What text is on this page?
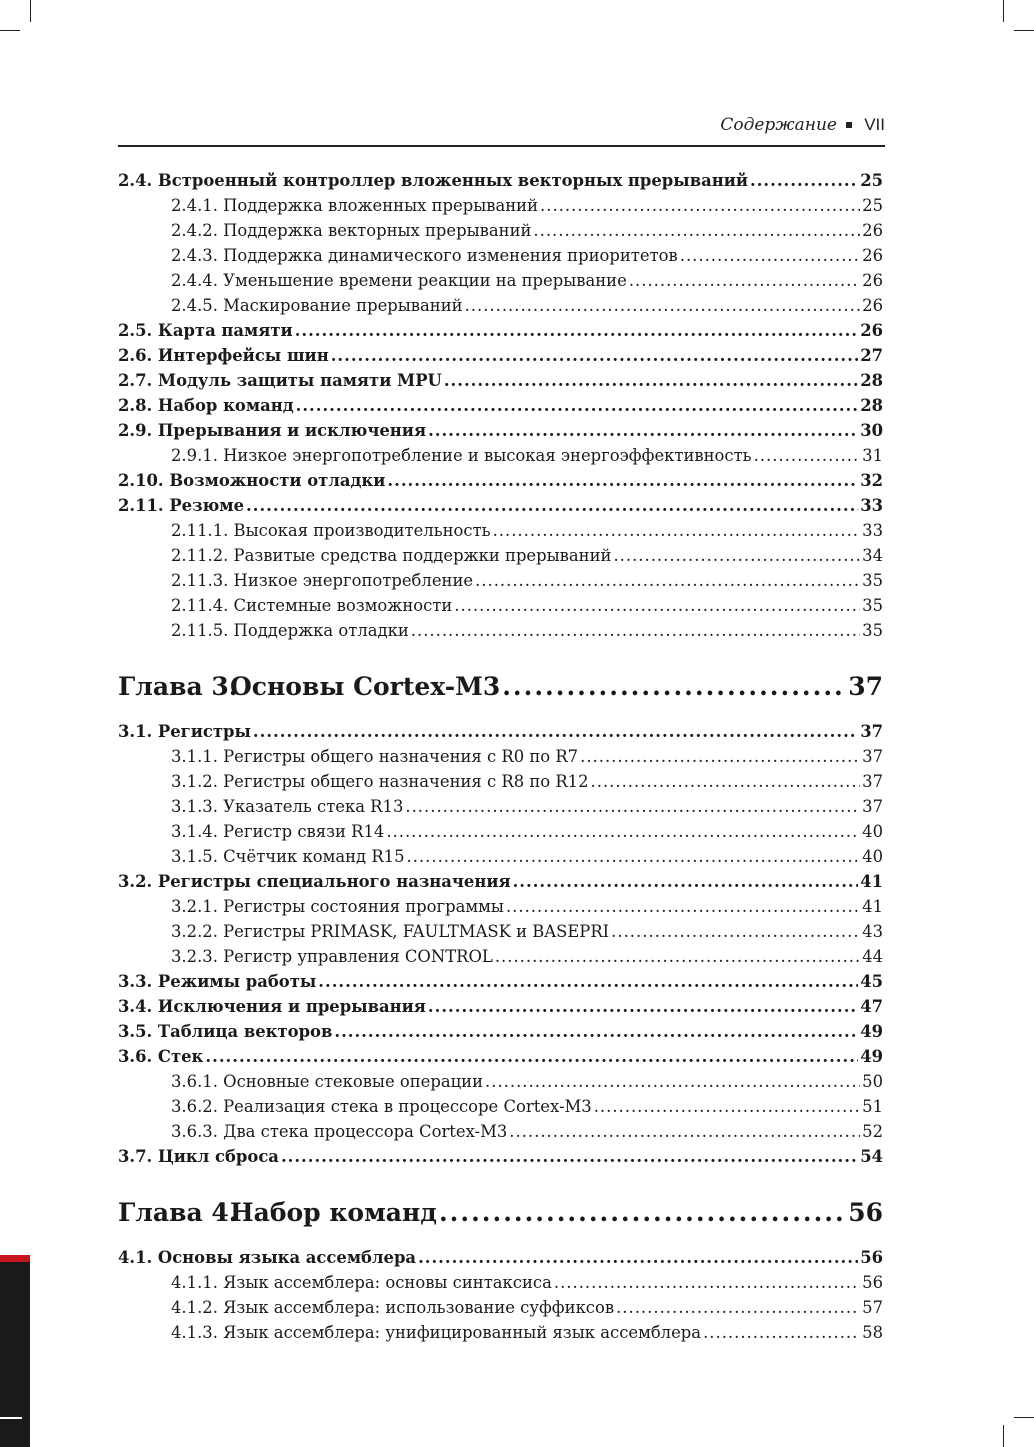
Содержание VII
2.4. Встроенный контроллер вложенных векторных прерываний .....	25
2.4.1. Поддержка вложенных прерываний .....	25
2.4.2. Поддержка векторных прерываний .....	26
2.4.3. Поддержка динамического изменения приоритетов .....	26
2.4.4. Уменьшение времени реакции на прерывание .....	26
2.4.5. Маскирование прерываний .....	26
2.5. Карта памяти .....	26
2.6. Интерфейсы шин .....	27
2.7. Модуль защиты памяти MPU .....	28
2.8. Набор команд .....	28
2.9. Прерывания и исключения .....	30
2.9.1. Низкое энергопотребление и высокая энергоэффективность .....	31
2.10. Возможности отладки .....	32
2.11. Резюме .....	33
2.11.1. Высокая производительность .....	33
2.11.2. Развитые средства поддержки прерываний .....	34
2.11.3. Низкое энергопотребление .....	35
2.11.4. Системные возможности .....	35
2.11.5. Поддержка отладки .....	35
Глава 3.
Основы Cortex-M3 .....	37
3.1. Регистры .....	37
3.1.1. Регистры общего назначения с R0 по R7 .....	37
3.1.2. Регистры общего назначения с R8 по R12 .....	37
3.1.3. Указатель стека R13 .....	37
3.1.4. Регистр связи R14 .....	40
3.1.5. Счётчик команд R15 .....	40
3.2. Регистры специального назначения .....	41
3.2.1. Регистры состояния программы .....	41
3.2.2. Регистры PRIMASK, FAULTMASK и BASEPRI .....	43
3.2.3. Регистр управления CONTROL .....	44
3.3. Режимы работы .....	45
3.4. Исключения и прерывания .....	47
3.5. Таблица векторов .....	49
3.6. Стек .....	49
3.6.1. Основные стековые операции .....	50
3.6.2. Реализация стека в процессоре Cortex-M3 .....	51
3.6.3. Два стека процессора Cortex-M3 .....	52
3.7. Цикл сброса .....	54
Глава 4.
Набор команд .....	56
4.1. Основы языка ассемблера .....	56
4.1.1. Язык ассемблера: основы синтаксиса .....	56
4.1.2. Язык ассемблера: использование суффиксов .....	57
4.1.3. Язык ассемблера: унифицированный язык ассемблера .....	58
